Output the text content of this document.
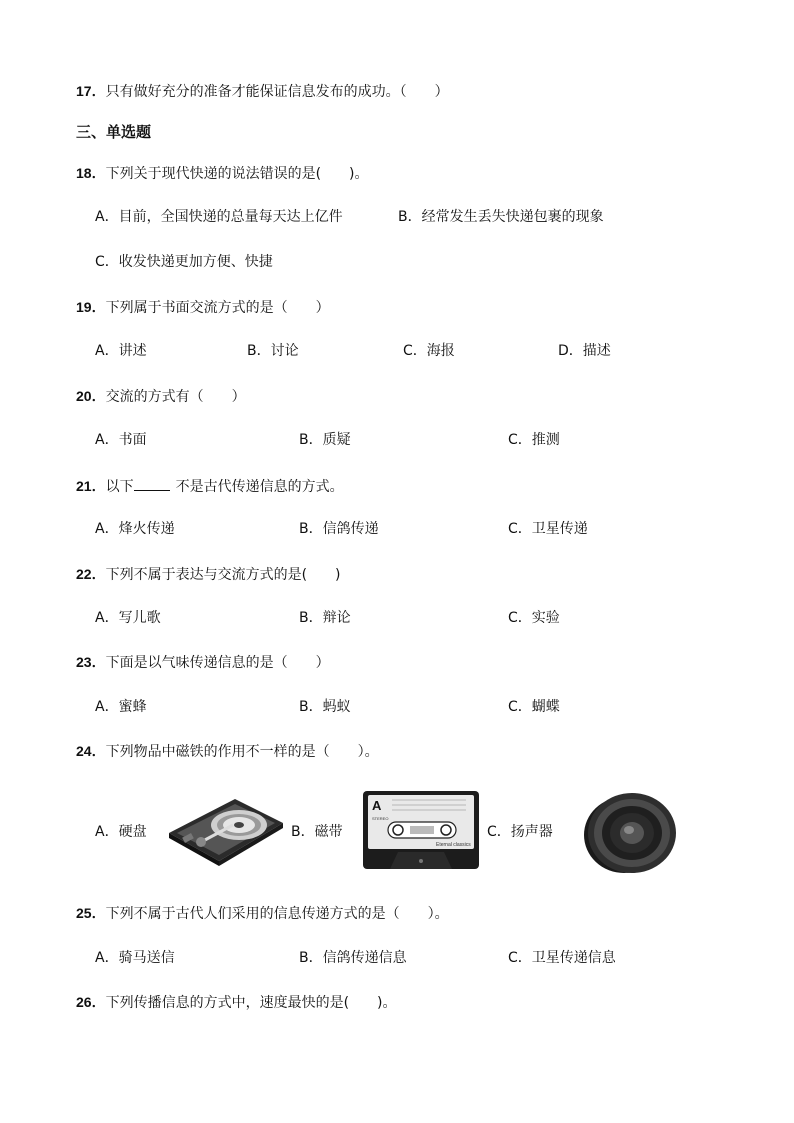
17．只有做好充分的准备才能保证信息发布的成功。（　　）
三、单选题
18．下列关于现代快递的说法错误的是(　　)。
A．目前，全国快递的总量每天达上亿件	B．经常发生丢失快递包裹的现象
C．收发快递更加方便、快捷
19．下列属于书面交流方式的是（　　）
A．讲述	B．讨论	C．海报	D．描述
20．交流的方式有（　　）
A．书面	B．质疑	C．推测
21．以下	不是古代传递信息的方式。
A．烽火传递	B．信鸽传递	C．卫星传递
22．下列不属于表达与交流方式的是(　　)
A．写儿歌	B．辩论	C．实验
23．下面是以气味传递信息的是（　　）
A．蜜蜂	B．蚂蚁	C．蝴蝶
24．下列物品中磁铁的作用不一样的是（　　）。
A．硬盘	B．磁带
A
STEREO
Eternal classics
C．扬声器
25．下列不属于古代人们采用的信息传递方式的是（　　）。
A．骑马送信	B．信鸽传递信息	C．卫星传递信息
26．下列传播信息的方式中，速度最快的是(　　)。
